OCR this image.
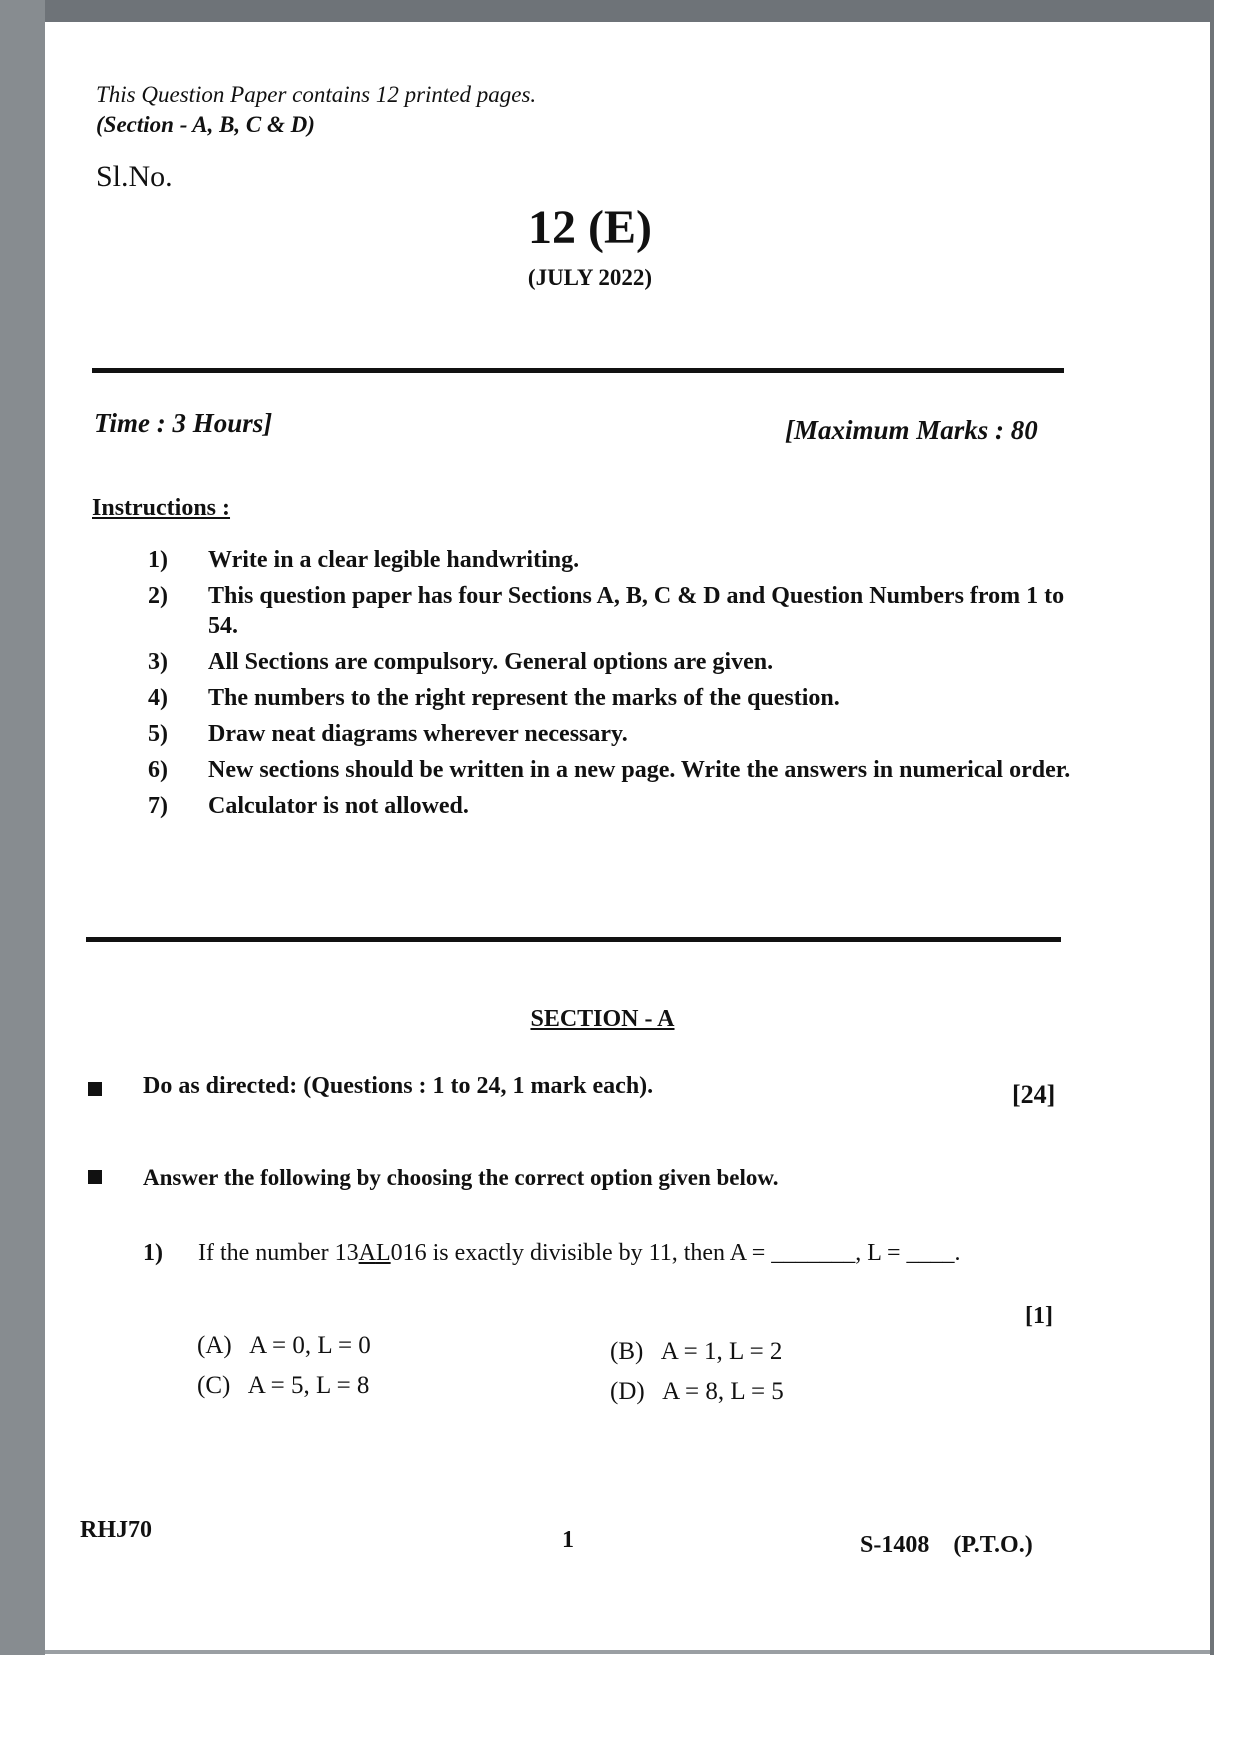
This Question Paper contains 12 printed pages.
(Section - A, B, C & D)
Sl.No.
12 (E)
(JULY 2022)
Time : 3 Hours]	[Maximum Marks : 80
Instructions :
1)	Write in a clear legible handwriting.
2)	This question paper has four Sections A, B, C & D and Question Numbers from 1 to 54.
3)	All Sections are compulsory. General options are given.
4)	The numbers to the right represent the marks of the question.
5)	Draw neat diagrams wherever necessary.
6)	New sections should be written in a new page. Write the answers in numerical order.
7)	Calculator is not allowed.
SECTION - A
Do as directed: (Questions : 1 to 24, 1 mark each).	[24]
Answer the following by choosing the correct option given below.
1) If the number 13AL016 is exactly divisible by 11, then A = _______, L = ____.
[1]
(A) A = 0, L = 0	(B) A = 1, L = 2
(C) A = 5, L = 8	(D) A = 8, L = 5
RHJ70	1	S-1408 (P.T.O.)
